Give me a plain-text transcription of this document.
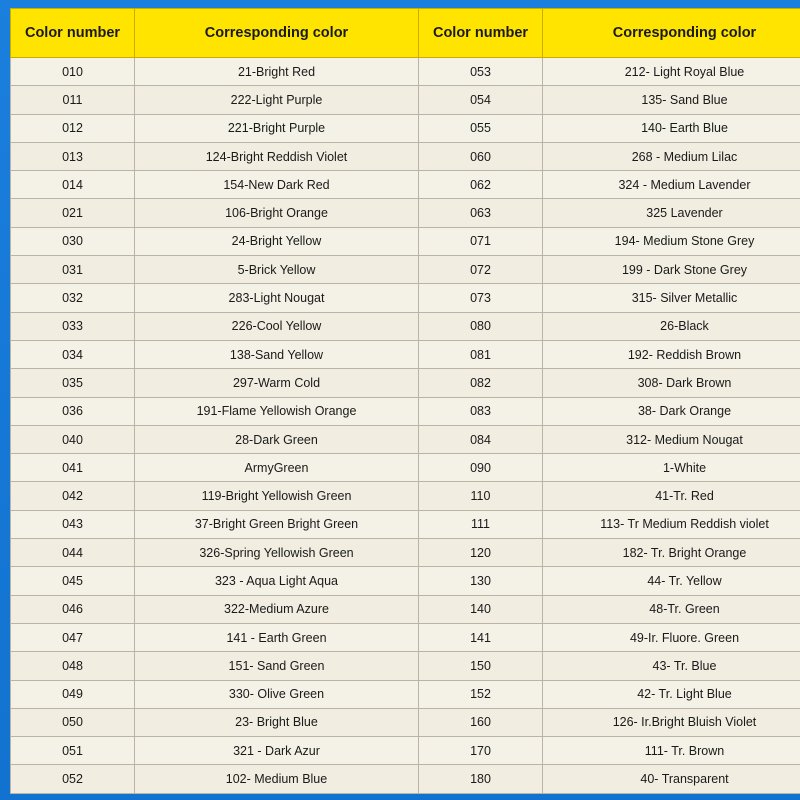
Color number	Corresponding color	Color number	Corresponding color
010	21-Bright Red	053	212- Light Royal Blue
011	222-Light Purple	054	135- Sand Blue
012	221-Bright Purple	055	140- Earth Blue
013	124-Bright Reddish Violet	060	268 - Medium Lilac
014	154-New Dark Red	062	324 - Medium Lavender
021	106-Bright Orange	063	325 Lavender
030	24-Bright Yellow	071	194- Medium Stone Grey
031	5-Brick Yellow	072	199 - Dark Stone Grey
032	283-Light Nougat	073	315- Silver Metallic
033	226-Cool Yellow	080	26-Black
034	138-Sand Yellow	081	192- Reddish Brown
035	297-Warm Cold	082	308- Dark Brown
036	191-Flame Yellowish Orange	083	38- Dark Orange
040	28-Dark Green	084	312- Medium Nougat
041	ArmyGreen	090	1-White
042	119-Bright Yellowish Green	110	41-Tr. Red
043	37-Bright Green Bright Green	111	113- Tr Medium Reddish violet
044	326-Spring Yellowish Green	120	182- Tr. Bright Orange
045	323 - Aqua Light Aqua	130	44- Tr. Yellow
046	322-Medium Azure	140	48-Tr. Green
047	141 - Earth Green	141	49-Ir. Fluore. Green
048	151- Sand Green	150	43- Tr. Blue
049	330- Olive Green	152	42- Tr. Light Blue
050	23- Bright Blue	160	126- Ir.Bright Bluish Violet
051	321 - Dark Azur	170	111- Tr. Brown
052	102- Medium Blue	180	40- Transparent
